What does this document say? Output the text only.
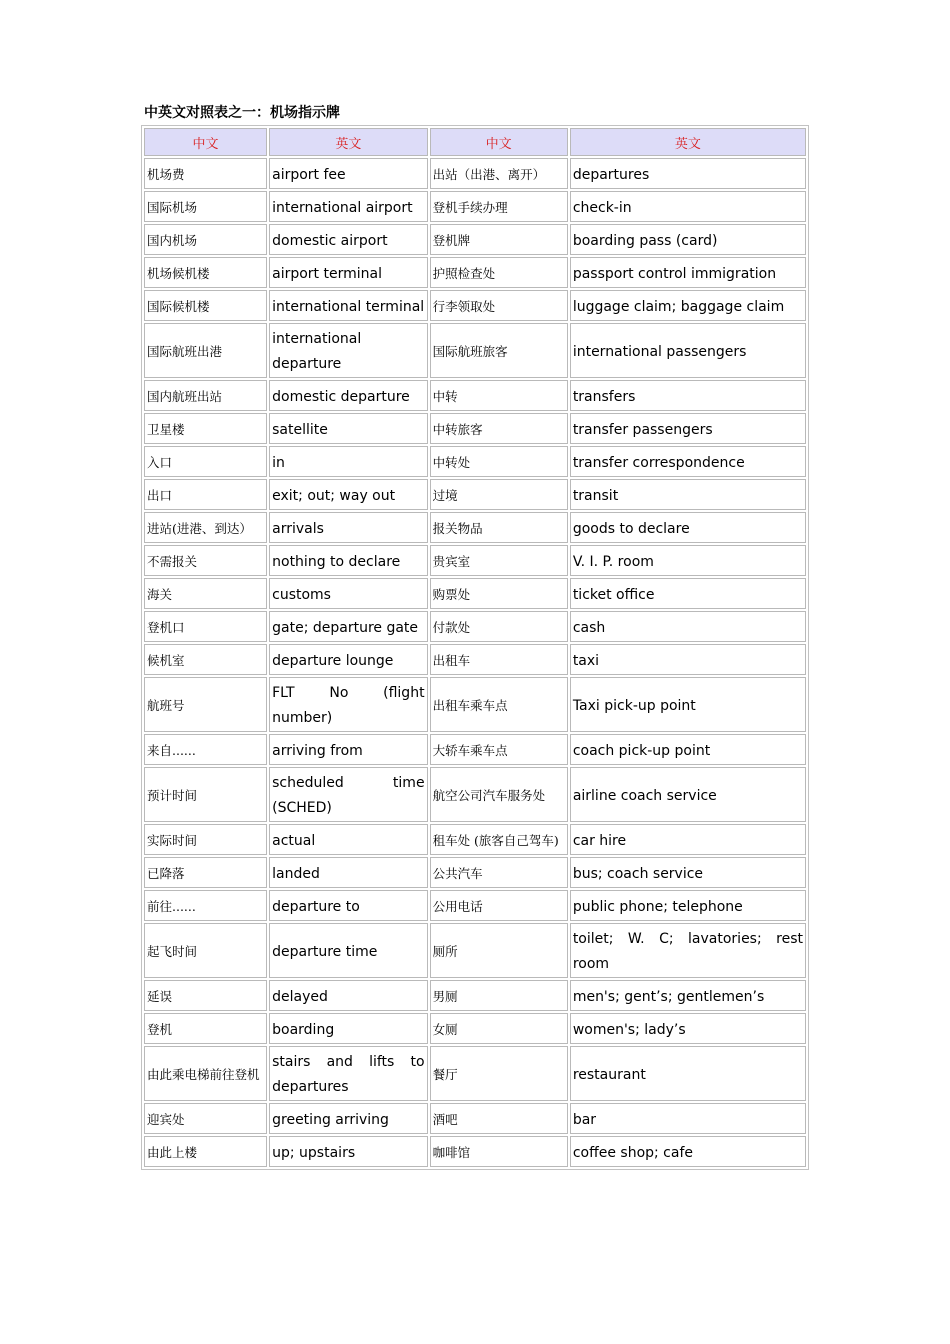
中英文对照表之一：机场指示牌
中文	英文	中文	英文
机场费	airport fee	出站（出港、离开）	departures
国际机场	international airport	登机手续办理	check-in
国内机场	domestic airport	登机牌	boarding pass (card)
机场候机楼	airport terminal	护照检查处	passport control immigration
国际候机楼	international terminal	行李领取处	luggage claim; baggage claim
国际航班出港	international departure	国际航班旅客	international passengers
国内航班出站	domestic departure	中转	transfers
卫星楼	satellite	中转旅客	transfer passengers
入口	in	中转处	transfer correspondence
出口	exit; out; way out	过境	transit
进站(进港、到达）	arrivals	报关物品	goods to declare
不需报关	nothing to declare	贵宾室	V. I. P. room
海关	customs	购票处	ticket office
登机口	gate; departure gate	付款处	cash
候机室	departure lounge	出租车	taxi
航班号	FLT No (flight number)	出租车乘车点	Taxi pick-up point
来自......	arriving from	大轿车乘车点	coach pick-up point
预计时间	scheduled time (SCHED)	航空公司汽车服务处	airline coach service
实际时间	actual	租车处 (旅客自己驾车)	car hire
已降落	landed	公共汽车	bus; coach service
前往......	departure to	公用电话	public phone; telephone
起飞时间	departure time	厕所	toilet; W. C; lavatories; rest room
延误	delayed	男厕	men's; gent’s; gentlemen’s
登机	boarding	女厕	women's; lady’s
由此乘电梯前往登机	stairs and lifts to departures	餐厅	restaurant
迎宾处	greeting arriving	酒吧	bar
由此上楼	up; upstairs	咖啡馆	coffee shop; cafe
